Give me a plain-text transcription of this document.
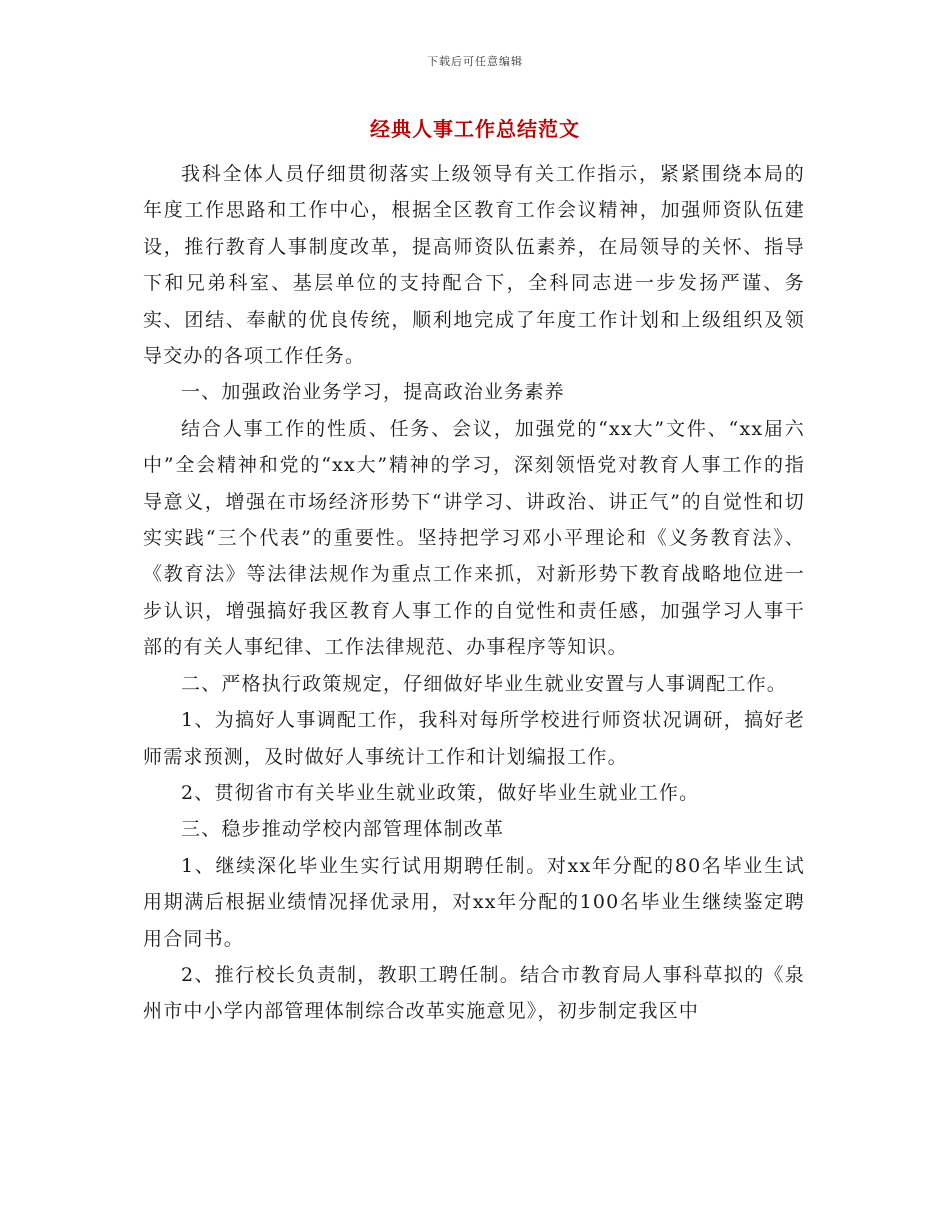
下载后可任意编辑
经典人事工作总结范文

我科全体人员仔细贯彻落实上级领导有关工作指示，紧紧围绕本局的年度工作思路和工作中心，根据全区教育工作会议精神，加强师资队伍建设，推行教育人事制度改革，提高师资队伍素养，在局领导的关怀、指导下和兄弟科室、基层单位的支持配合下，全科同志进一步发扬严谨、务实、团结、奉献的优良传统，顺利地完成了年度工作计划和上级组织及领导交办的各项工作任务。

一、加强政治业务学习，提高政治业务素养

结合人事工作的性质、任务、会议，加强党的“xx大”文件、“xx届六中”全会精神和党的“xx大”精神的学习，深刻领悟党对教育人事工作的指导意义，增强在市场经济形势下“讲学习、讲政治、讲正气”的自觉性和切实实践“三个代表”的重要性。坚持把学习邓小平理论和《义务教育法》、《教育法》等法律法规作为重点工作来抓，对新形势下教育战略地位进一步认识，增强搞好我区教育人事工作的自觉性和责任感，加强学习人事干部的有关人事纪律、工作法律规范、办事程序等知识。

二、严格执行政策规定，仔细做好毕业生就业安置与人事调配工作。

1、为搞好人事调配工作，我科对每所学校进行师资状况调研，搞好老师需求预测，及时做好人事统计工作和计划编报工作。

2、贯彻省市有关毕业生就业政策，做好毕业生就业工作。

三、稳步推动学校内部管理体制改革

1、继续深化毕业生实行试用期聘任制。对xx年分配的80名毕业生试用期满后根据业绩情况择优录用，对xx年分配的100名毕业生继续鉴定聘用合同书。

2、推行校长负责制，教职工聘任制。结合市教育局人事科草拟的《泉州市中小学内部管理体制综合改革实施意见》，初步制定我区中
